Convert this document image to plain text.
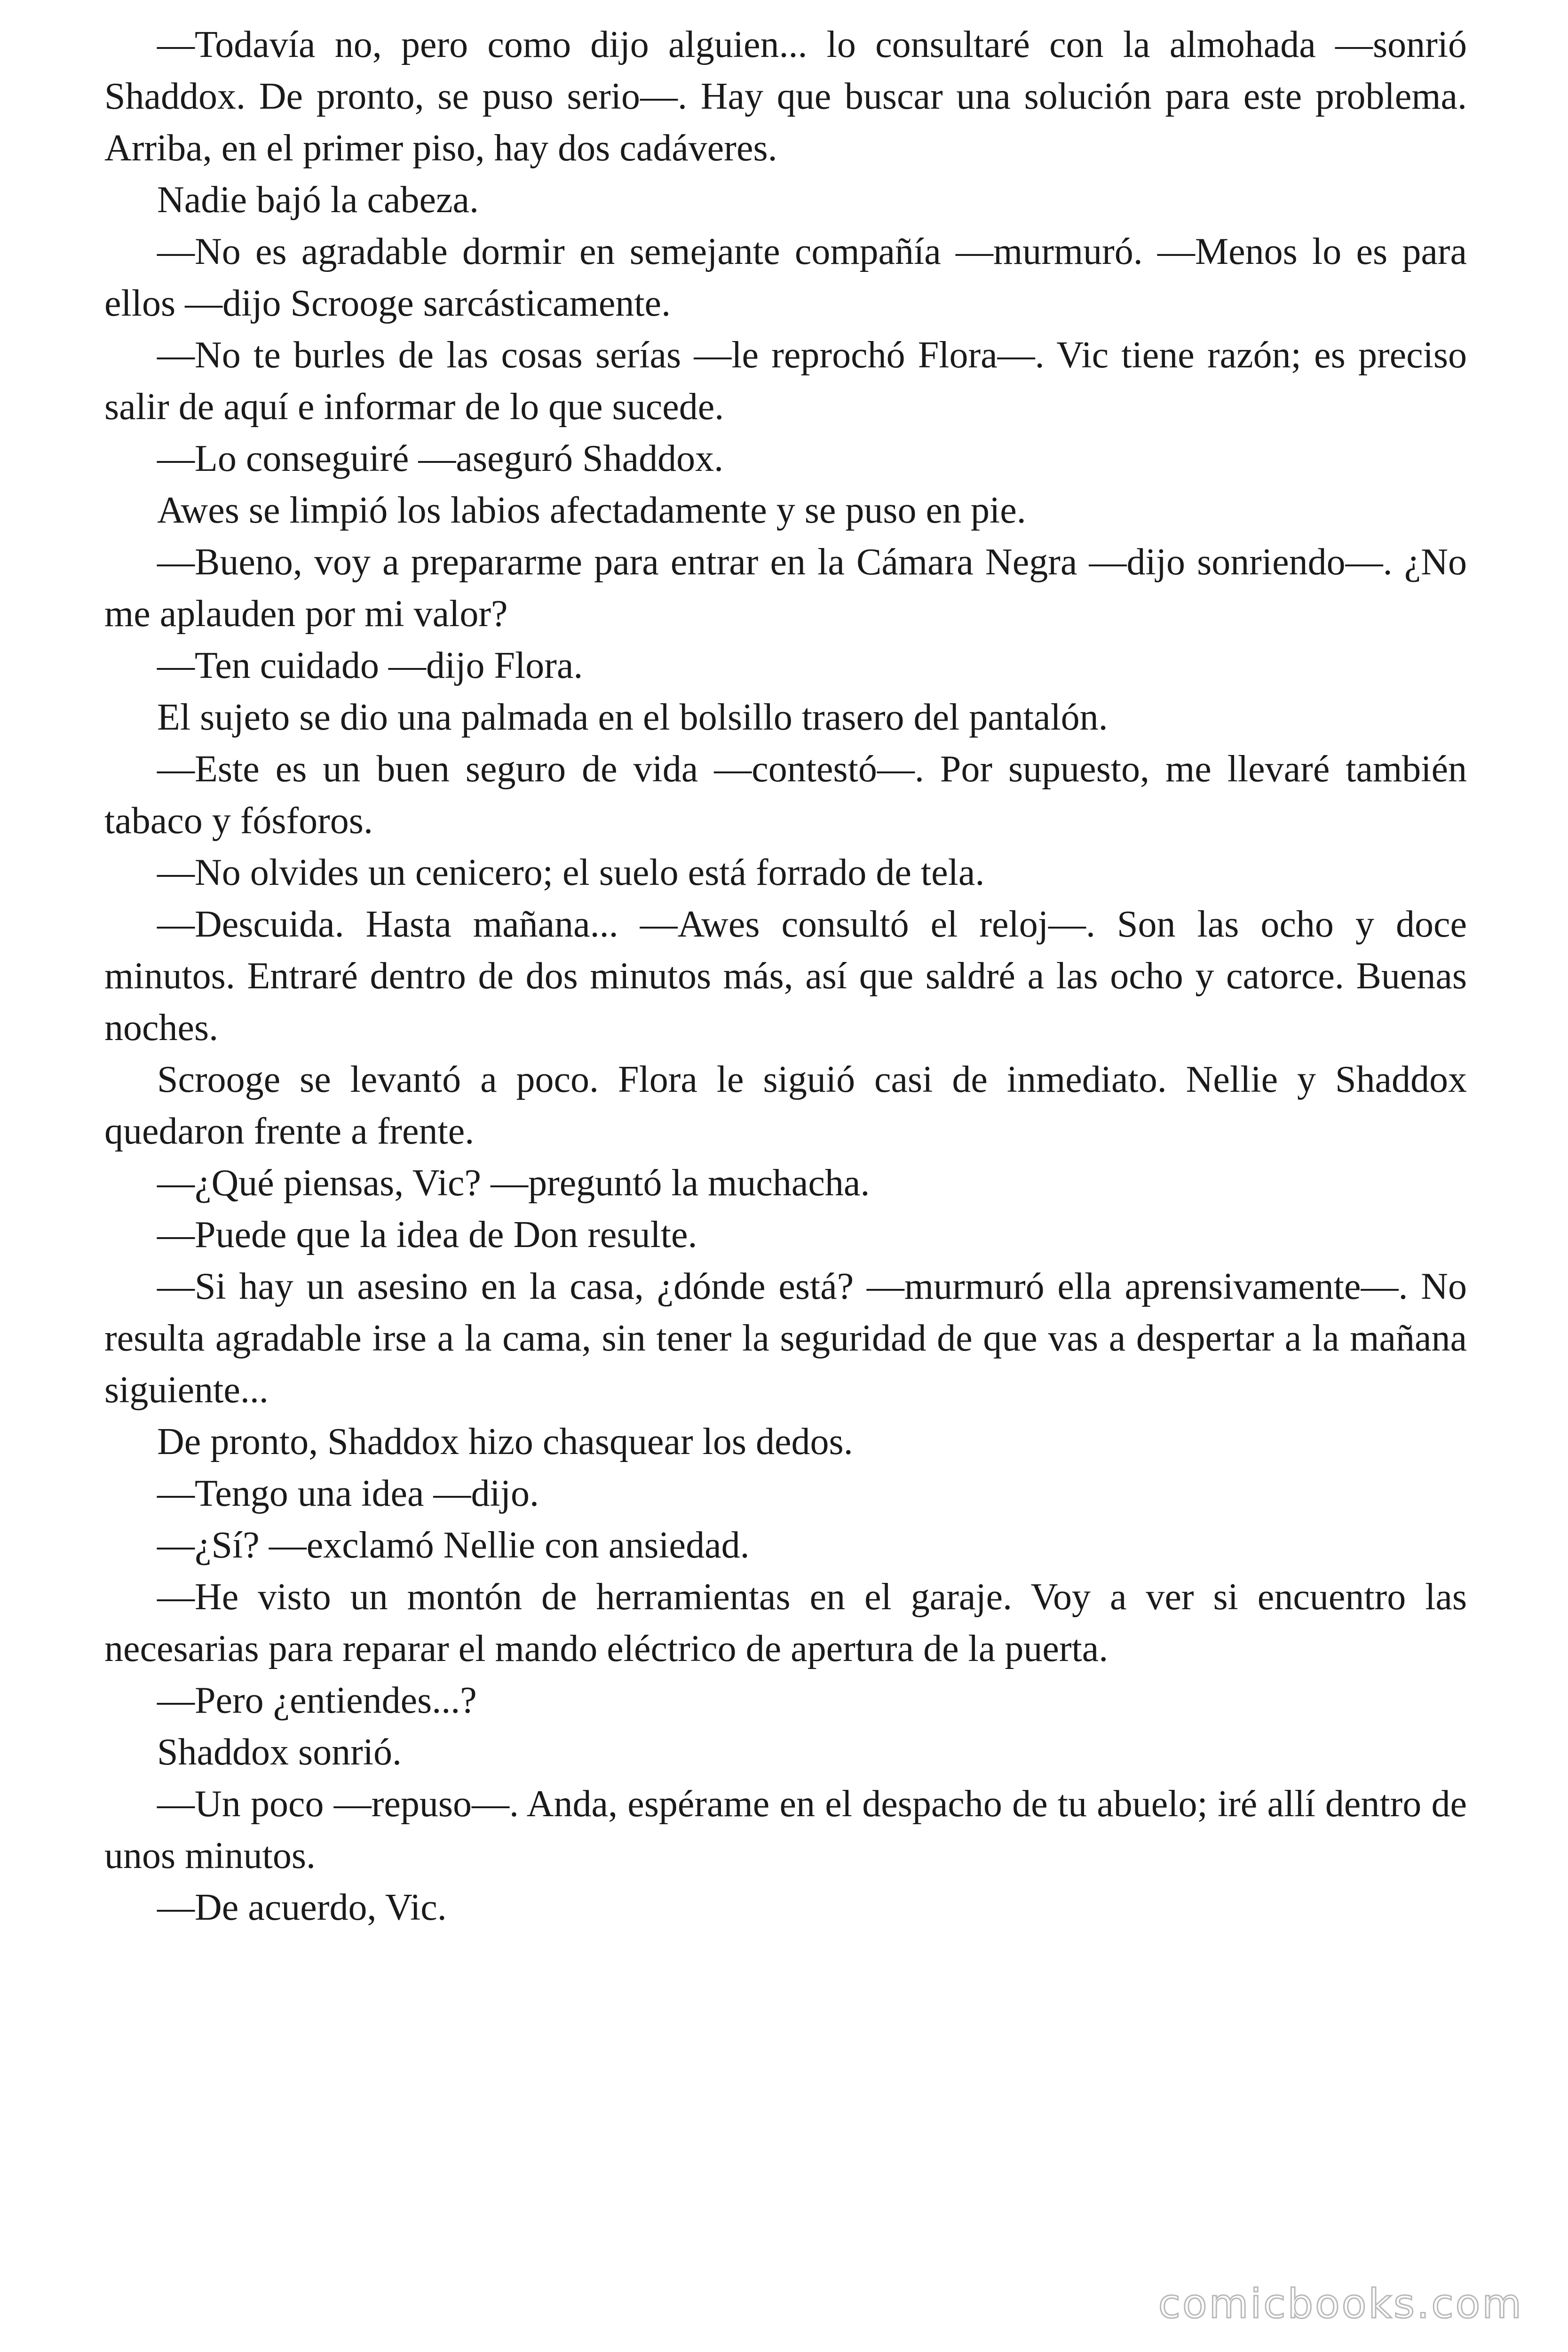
—Todavía no, pero como dijo alguien... lo consultaré con la almohada —sonrió Shaddox. De pronto, se puso serio—. Hay que buscar una solución para este problema. Arriba, en el primer piso, hay dos cadáveres.

Nadie bajó la cabeza.

—No es agradable dormir en semejante compañía —murmuró. —Menos lo es para ellos —dijo Scrooge sarcásticamente.

—No te burles de las cosas serías —le reprochó Flora—. Vic tiene razón; es preciso salir de aquí e informar de lo que sucede.

—Lo conseguiré —aseguró Shaddox.

Awes se limpió los labios afectadamente y se puso en pie.

—Bueno, voy a prepararme para entrar en la Cámara Negra —dijo sonriendo—. ¿No me aplauden por mi valor?

—Ten cuidado —dijo Flora.

El sujeto se dio una palmada en el bolsillo trasero del pantalón.

—Este es un buen seguro de vida —contestó—. Por supuesto, me llevaré también tabaco y fósforos.

—No olvides un cenicero; el suelo está forrado de tela.

—Descuida. Hasta mañana... —Awes consultó el reloj—. Son las ocho y doce minutos. Entraré dentro de dos minutos más, así que saldré a las ocho y catorce. Buenas noches.

Scrooge se levantó a poco. Flora le siguió casi de inmediato. Nellie y Shaddox quedaron frente a frente.

—¿Qué piensas, Vic? —preguntó la muchacha.

—Puede que la idea de Don resulte.

—Si hay un asesino en la casa, ¿dónde está? —murmuró ella aprensivamente—. No resulta agradable irse a la cama, sin tener la seguridad de que vas a despertar a la mañana siguiente...

De pronto, Shaddox hizo chasquear los dedos.

—Tengo una idea —dijo.

—¿Sí? —exclamó Nellie con ansiedad.

—He visto un montón de herramientas en el garaje. Voy a ver si encuentro las necesarias para reparar el mando eléctrico de apertura de la puerta.

—Pero ¿entiendes...?

Shaddox sonrió.

—Un poco —repuso—. Anda, espérame en el despacho de tu abuelo; iré allí dentro de unos minutos.

—De acuerdo, Vic.

comicbooks.com
